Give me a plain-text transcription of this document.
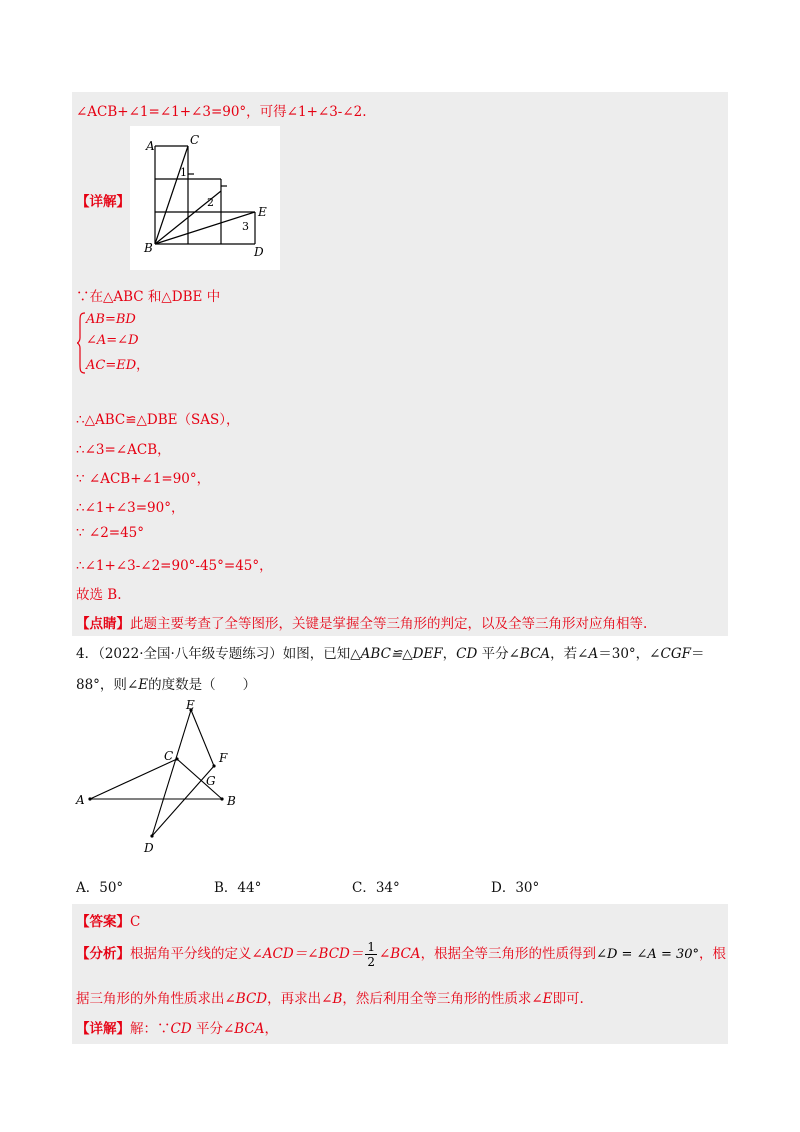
∠ACB+∠1=∠1+∠3=90°，可得∠1+∠3-∠2.
【详解】
A	C
B	D
E
1
2
3
∵在△ABC 和△DBE 中
AB=BD
∠A=∠D
AC=ED，
∴△ABC≌△DBE（SAS），
∴∠3=∠ACB，
∵ ∠ACB+∠1=90°，
∴∠1+∠3=90°，
∵ ∠2=45°
∴∠1+∠3-∠2=90°-45°=45°，
故选 B.
【点睛】此题主要考查了全等图形，关键是掌握全等三角形的判定，以及全等三角形对应角相等.
4．（2022·全国·八年级专题练习）如图，已知△ABC≌△DEF，CD 平分∠BCA，若∠A＝30°，∠CGF＝
88°，则∠E的度数是（　　）
E
C	F
G
A	B
D
A．50°	B．44°	C．34°	D．30°
【答案】C
【分析】根据角平分线的定义∠ACD＝∠BCD＝ $\frac{1}{2}$ ∠BCA，根据全等三角形的性质得到∠D = ∠A = 30°，根
据三角形的外角性质求出∠BCD，再求出∠B，然后利用全等三角形的性质求∠E即可.
【详解】解：∵CD 平分∠BCA，
